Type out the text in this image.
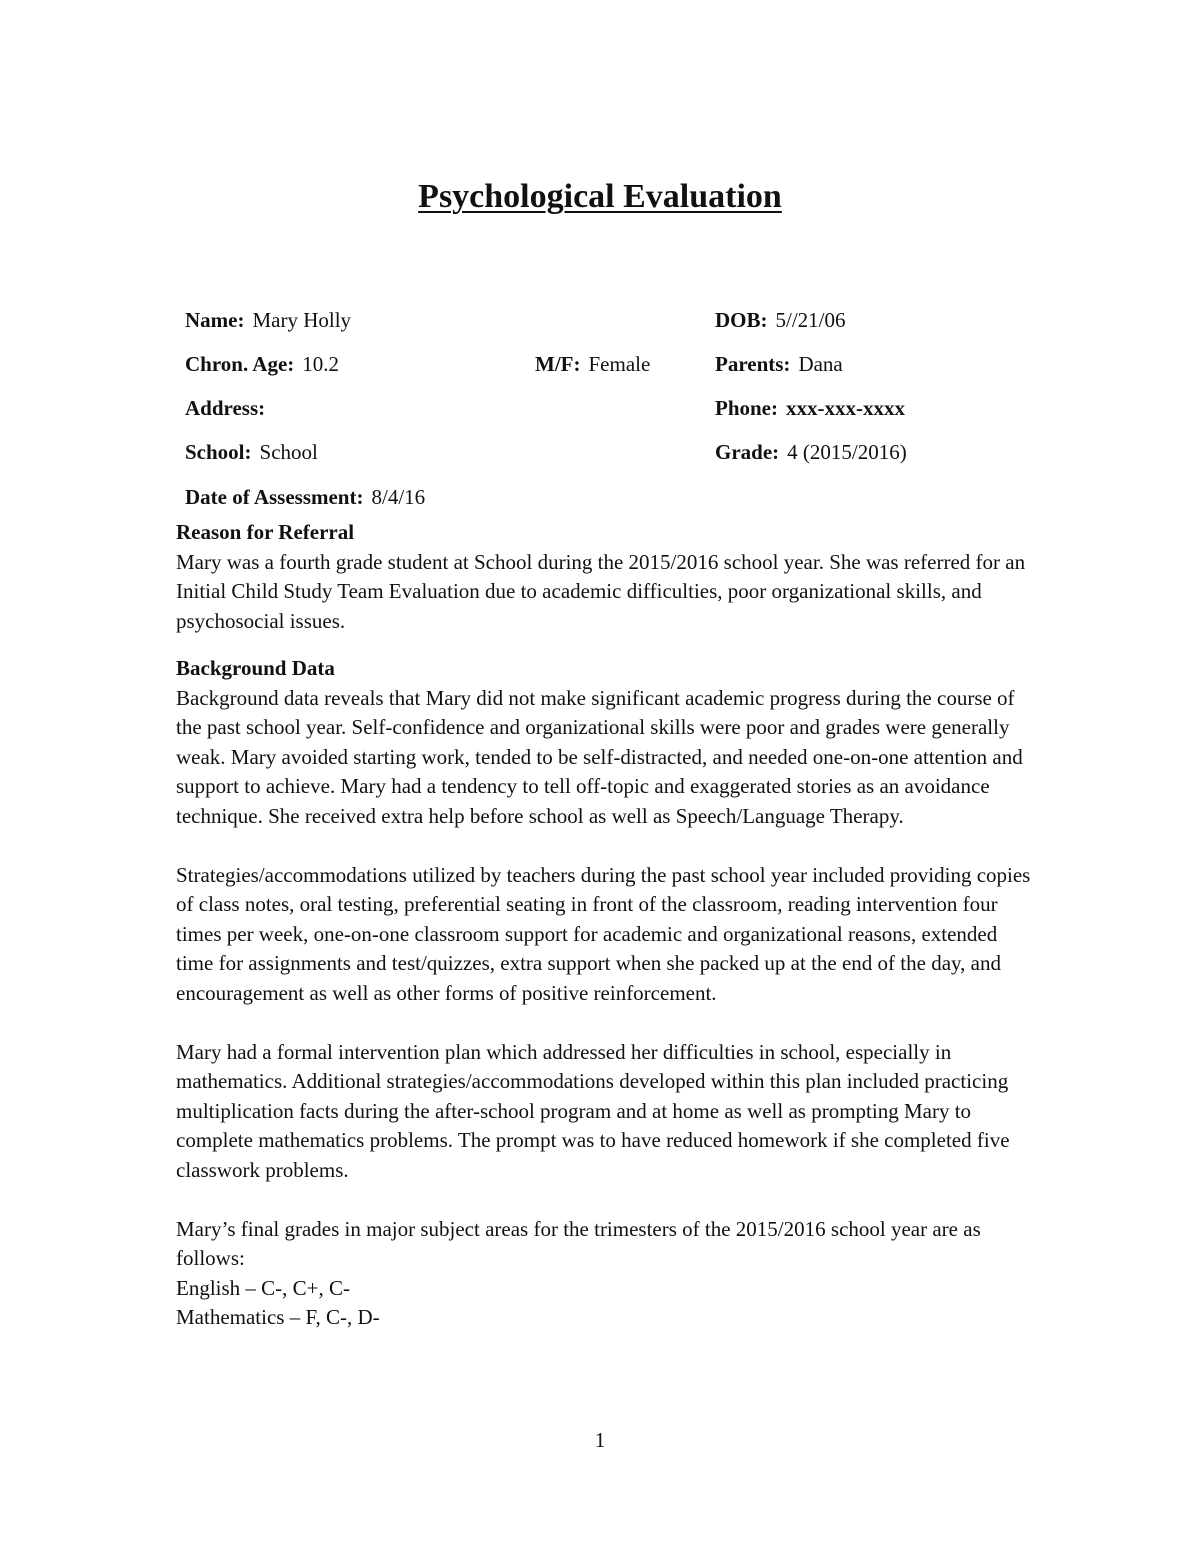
Psychological Evaluation
Name: Mary Holly	DOB: 5//21/06
Chron. Age: 10.2	M/F: Female	Parents: Dana
Address:	Phone: xxx-xxx-xxxx
School: School	Grade: 4 (2015/2016)
Date of Assessment: 8/4/16
Reason for Referral

Mary was a fourth grade student at School during the 2015/2016 school year. She was referred for an Initial Child Study Team Evaluation due to academic difficulties, poor organizational skills, and psychosocial issues.

Background Data

Background data reveals that Mary did not make significant academic progress during the course of the past school year. Self-confidence and organizational skills were poor and grades were generally weak. Mary avoided starting work, tended to be self-distracted, and needed one-on-one attention and support to achieve. Mary had a tendency to tell off-topic and exaggerated stories as an avoidance technique. She received extra help before school as well as Speech/Language Therapy.

Strategies/accommodations utilized by teachers during the past school year included providing copies of class notes, oral testing, preferential seating in front of the classroom, reading intervention four times per week, one-on-one classroom support for academic and organizational reasons, extended time for assignments and test/quizzes, extra support when she packed up at the end of the day, and encouragement as well as other forms of positive reinforcement.

Mary had a formal intervention plan which addressed her difficulties in school, especially in mathematics. Additional strategies/accommodations developed within this plan included practicing multiplication facts during the after-school program and at home as well as prompting Mary to complete mathematics problems. The prompt was to have reduced homework if she completed five classwork problems.

Mary’s final grades in major subject areas for the trimesters of the 2015/2016 school year are as follows:

English – C-, C+, C-
Mathematics – F, C-, D-
1
